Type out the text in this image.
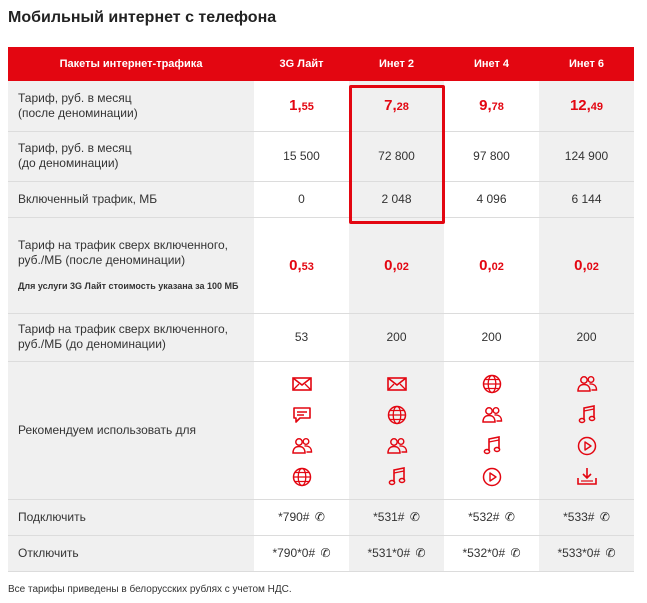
Мобильный интернет с телефона
Пакеты интернет-трафика	3G Лайт	Инет 2	Инет 4	Инет 6

Тариф, руб. в месяц
(после деноминации)	1,55	7,28	9,78	12,49

Тариф, руб. в месяц
(до деноминации)	15 500	72 800	97 800	124 900
Включенный трафик, МБ	0	2 048	4 096	6 144

Тариф на трафик сверх включенного,
руб./МБ (после деноминации)
Для услуги 3G Лайт стоимость указана за 100 МБ	0,53	0,02	0,02	0,02

Тариф на трафик сверх включенного,
руб./МБ (до деноминации)	53	200	200	200
Рекомендуем использовать для	

Подключить	*790# ✆	*531# ✆	*532# ✆	*533# ✆
Отключить	*790*0# ✆	*531*0# ✆	*532*0# ✆	*533*0# ✆
Все тарифы приведены в белорусских рублях с учетом НДС.
